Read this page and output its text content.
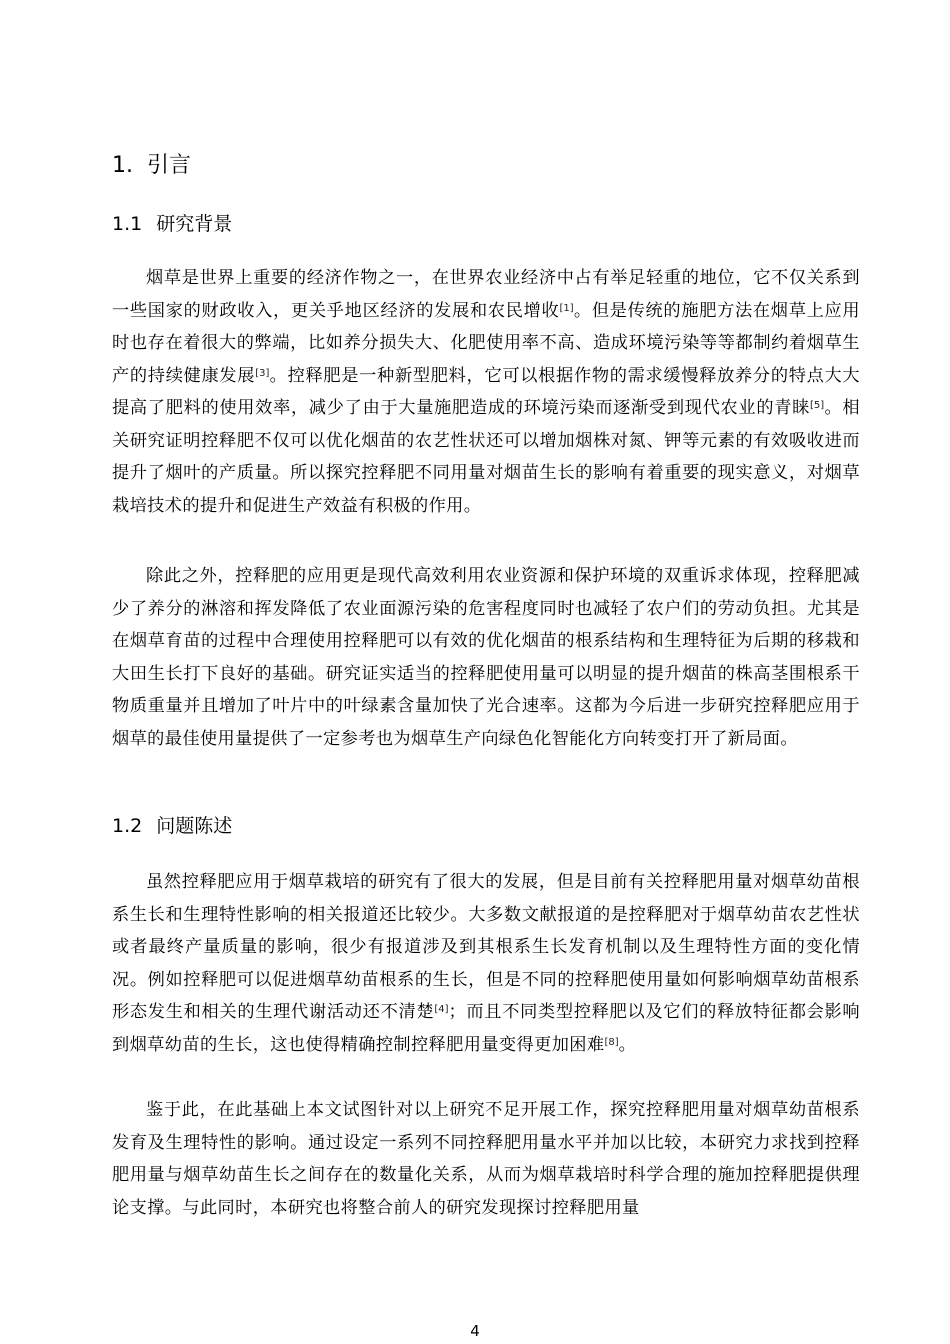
1. 引言
1.1 研究背景

烟草是世界上重要的经济作物之一，在世界农业经济中占有举足轻重的地位，它不仅关系到一些国家的财政收入，更关乎地区经济的发展和农民增收[1]。但是传统的施肥方法在烟草上应用时也存在着很大的弊端，比如养分损失大、化肥使用率不高、造成环境污染等等都制约着烟草生产的持续健康发展[3]。控释肥是一种新型肥料，它可以根据作物的需求缓慢释放养分的特点大大提高了肥料的使用效率，减少了由于大量施肥造成的环境污染而逐渐受到现代农业的青睐[5]。相关研究证明控释肥不仅可以优化烟苗的农艺性状还可以增加烟株对氮、钾等元素的有效吸收进而提升了烟叶的产质量。所以探究控释肥不同用量对烟苗生长的影响有着重要的现实意义，对烟草栽培技术的提升和促进生产效益有积极的作用。

除此之外，控释肥的应用更是现代高效利用农业资源和保护环境的双重诉求体现，控释肥减少了养分的淋溶和挥发降低了农业面源污染的危害程度同时也减轻了农户们的劳动负担。尤其是在烟草育苗的过程中合理使用控释肥可以有效的优化烟苗的根系结构和生理特征为后期的移栽和大田生长打下良好的基础。研究证实适当的控释肥使用量可以明显的提升烟苗的株高茎围根系干物质重量并且增加了叶片中的叶绿素含量加快了光合速率。这都为今后进一步研究控释肥应用于烟草的最佳使用量提供了一定参考也为烟草生产向绿色化智能化方向转变打开了新局面。

1.2 问题陈述

虽然控释肥应用于烟草栽培的研究有了很大的发展，但是目前有关控释肥用量对烟草幼苗根系生长和生理特性影响的相关报道还比较少。大多数文献报道的是控释肥对于烟草幼苗农艺性状或者最终产量质量的影响，很少有报道涉及到其根系生长发育机制以及生理特性方面的变化情况。例如控释肥可以促进烟草幼苗根系的生长，但是不同的控释肥使用量如何影响烟草幼苗根系形态发生和相关的生理代谢活动还不清楚[4]；而且不同类型控释肥以及它们的释放特征都会影响到烟草幼苗的生长，这也使得精确控制控释肥用量变得更加困难[8]。

鉴于此，在此基础上本文试图针对以上研究不足开展工作，探究控释肥用量对烟草幼苗根系发育及生理特性的影响。通过设定一系列不同控释肥用量水平并加以比较，本研究力求找到控释肥用量与烟草幼苗生长之间存在的数量化关系，从而为烟草栽培时科学合理的施加控释肥提供理论支撑。与此同时，本研究也将整合前人的研究发现探讨控释肥用量

4
